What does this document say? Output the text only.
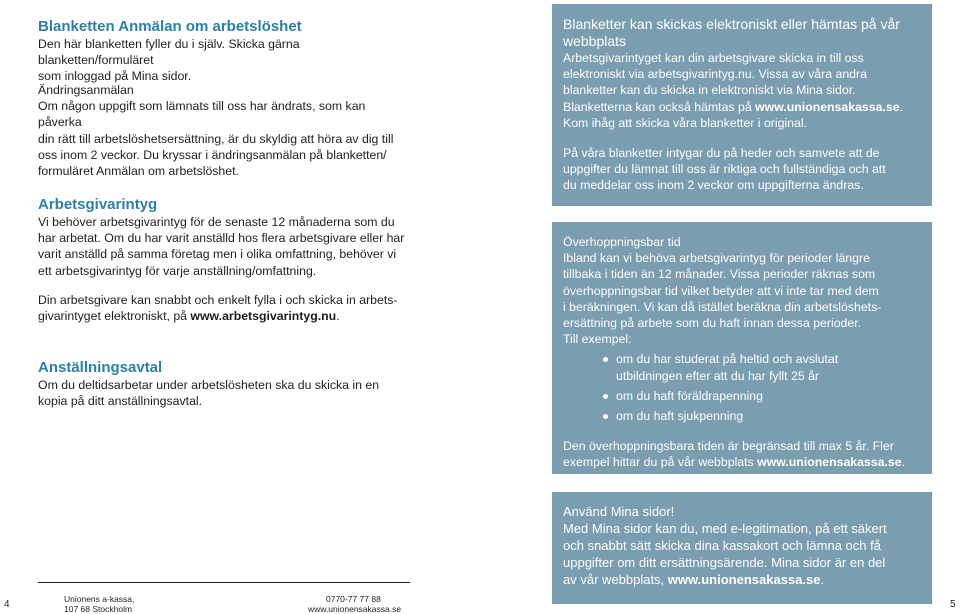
Blanketten Anmälan om arbetslöshet

Den här blanketten fyller du i själv. Skicka gärna blanketten/formuläret

som inloggad på Mina sidor.

Ändringsanmälan

Om någon uppgift som lämnats till oss har ändrats, som kan påverka

din rätt till arbetslöshetsersättning, är du skyldig att höra av dig till

oss inom 2 veckor. Du kryssar i ändringsanmälan på blanketten/

formuläret Anmälan om arbetslöshet.

Arbetsgivarintyg

Vi behöver arbetsgivarintyg för de senaste 12 månaderna som du

har arbetat. Om du har varit anställd hos flera arbetsgivare eller har

varit anställd på samma företag men i olika omfattning, behöver vi

ett arbetsgivarintyg för varje anställning/omfattning.

Din arbetsgivare kan snabbt och enkelt fylla i och skicka in arbets-

givarintyget elektroniskt, på www.arbetsgivarintyg.nu.

Anställningsavtal

Om du deltidsarbetar under arbetslösheten ska du skicka in en

kopia på ditt anställningsavtal.

Blanketter kan skickas elektroniskt eller hämtas på vår

webbplats

Arbetsgivarintyget kan din arbetsgivare skicka in till oss

elektroniskt via arbetsgivarintyg.nu. Vissa av våra andra

blanketter kan du skicka in elektroniskt via Mina sidor.

Blanketterna kan också hämtas på www.unionensakassa.se.

Kom ihåg att skicka våra blanketter i original.

På våra blanketter intygar du på heder och samvete att de

uppgifter du lämnat till oss är riktiga och fullständiga och att

du meddelar oss inom 2 veckor om uppgifterna ändras.

Överhoppningsbar tid

Ibland kan vi behöva arbetsgivarintyg för perioder längre

tillbaka i tiden än 12 månader. Vissa perioder räknas som

överhoppningsbar tid vilket betyder att vi inte tar med dem

i beräkningen. Vi kan då istället beräkna din arbetslöshets-

ersättning på arbete som du haft innan dessa perioder.

Till exempel:

om du har studerat på heltid och avslutat
utbildningen efter att du har fyllt 25 år
om du haft föräldrapenning
om du haft sjukpenning

Den överhoppningsbara tiden är begränsad till max 5 år. Fler

exempel hittar du på vår webbplats www.unionensakassa.se.

Använd Mina sidor!

Med Mina sidor kan du, med e-legitimation, på ett säkert

och snabbt sätt skicka dina kassakort och lämna och få

uppgifter om ditt ersättningsärende. Mina sidor är en del

av vår webbplats, www.unionensakassa.se.

4	Unionens a-kassa,
107 68 Stockholm
0770-77 77 88
www.unionensakassa.se	5
